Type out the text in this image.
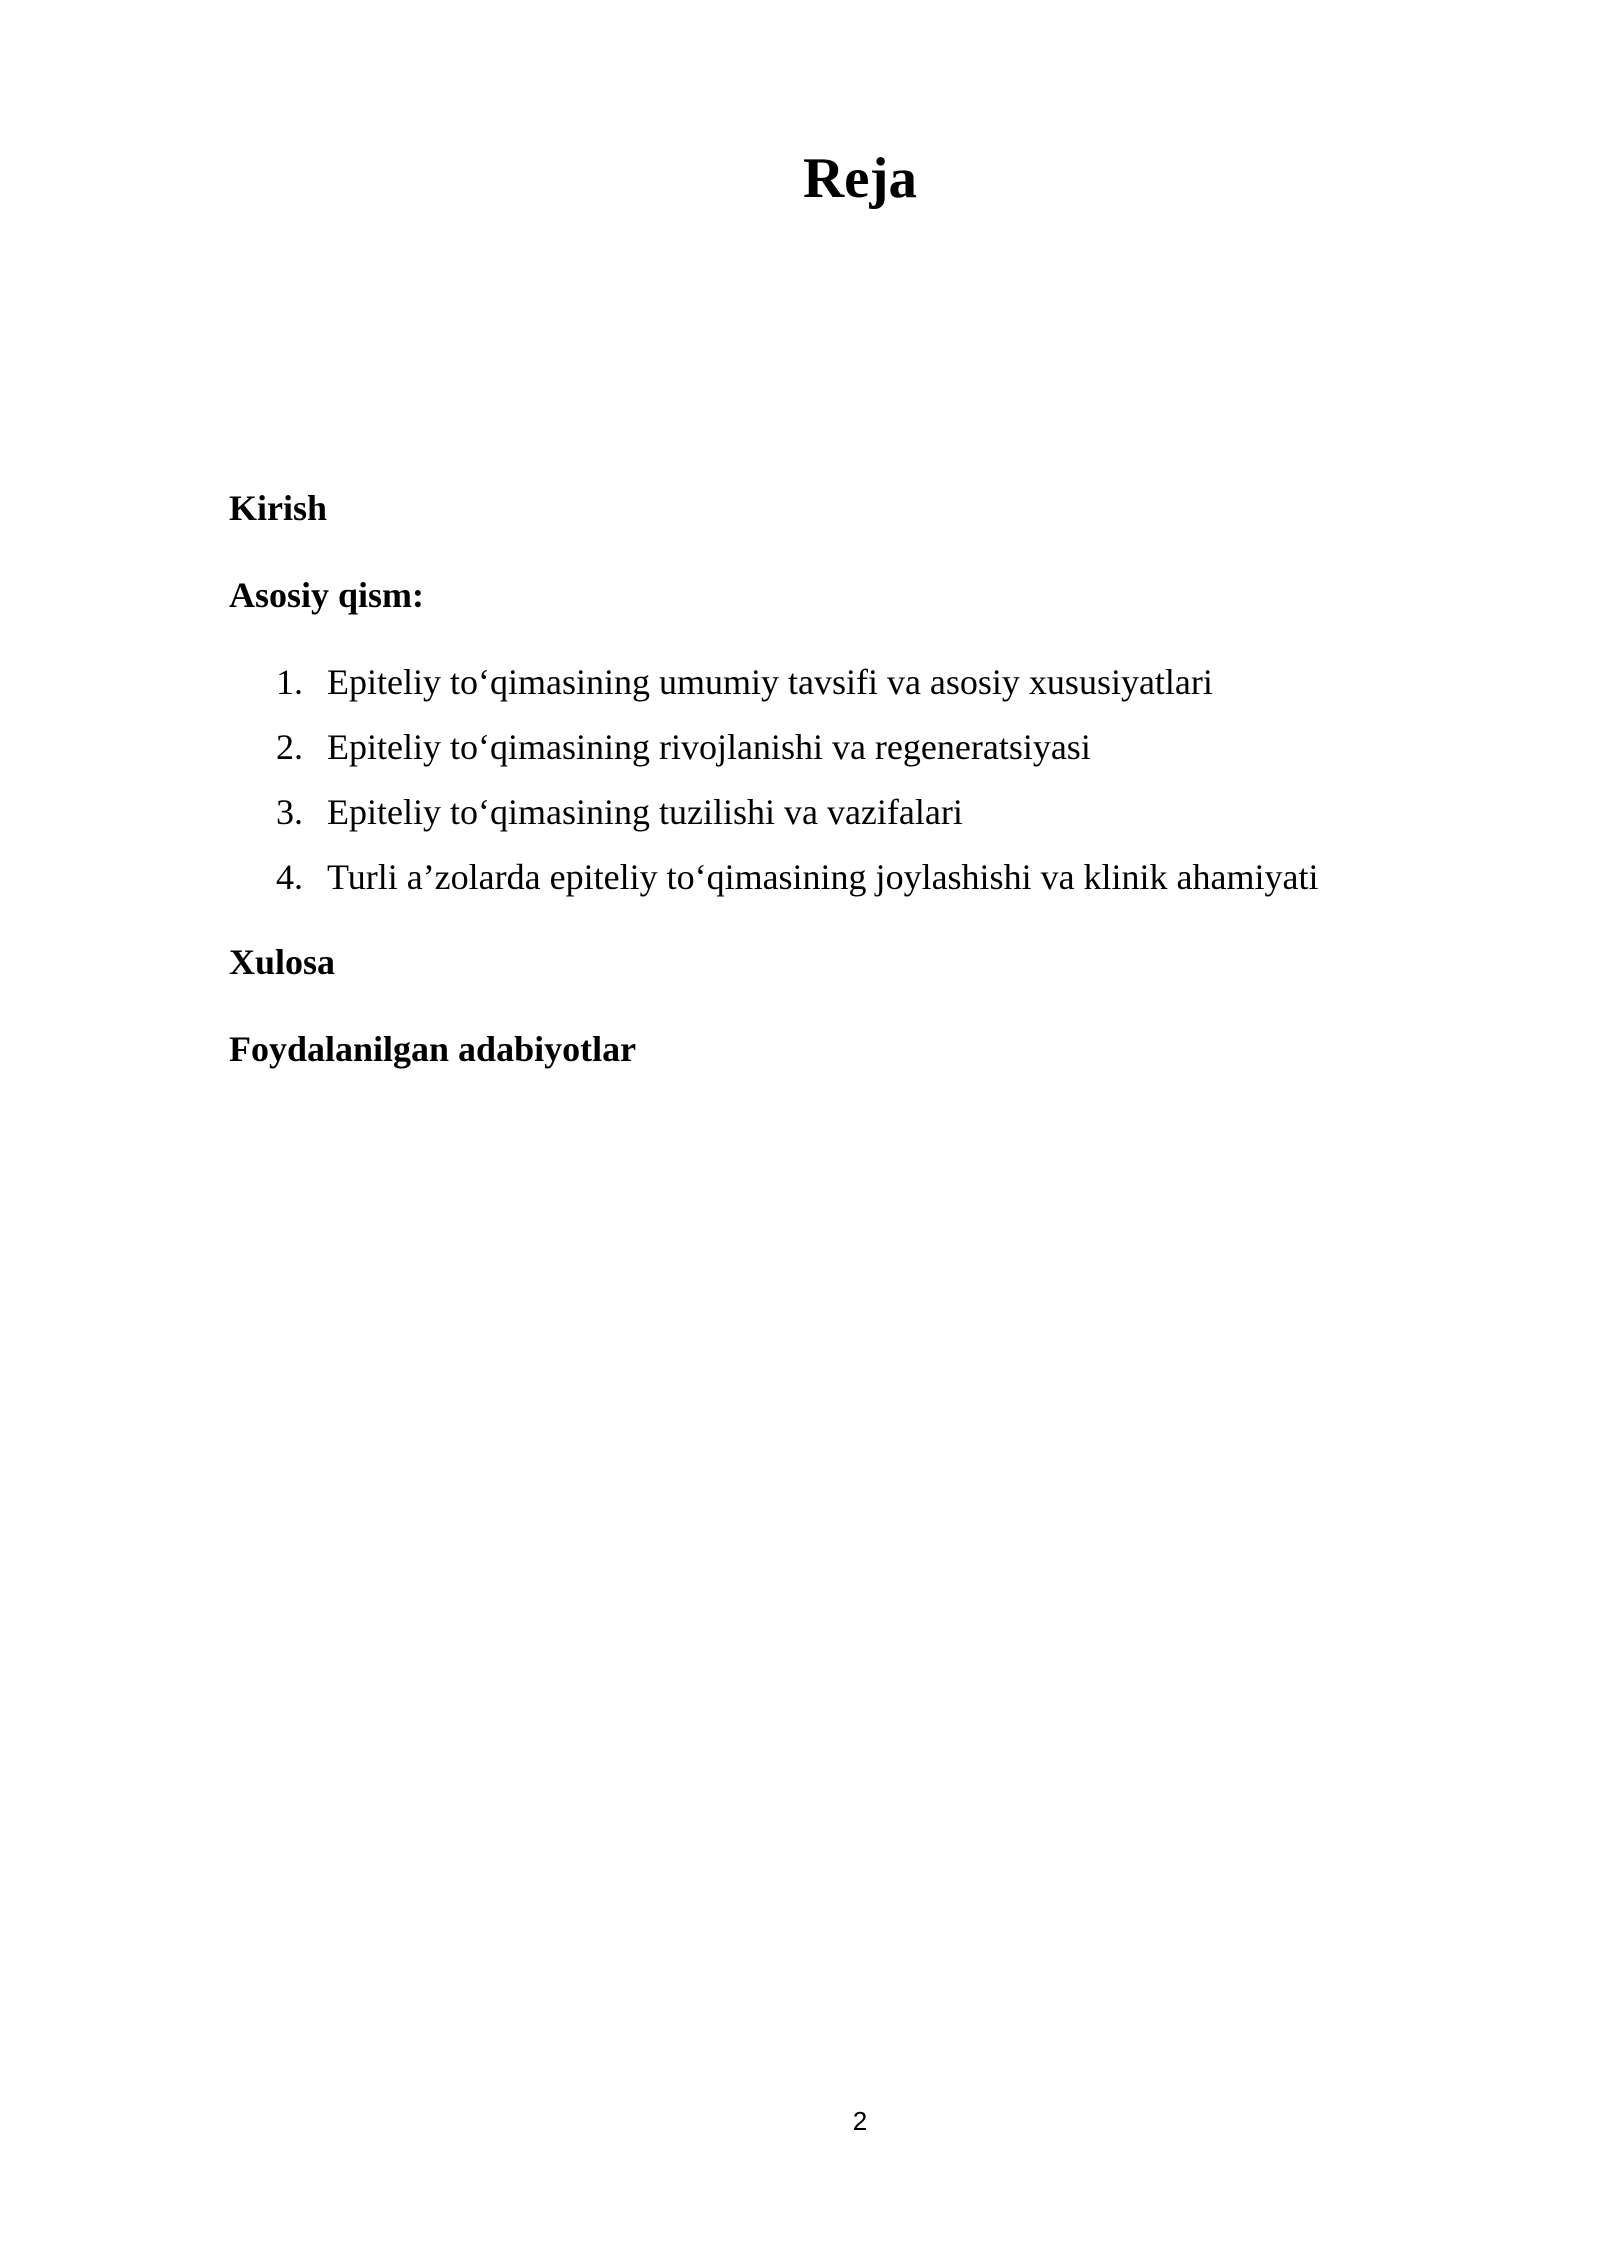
Reja
Kirish
Asosiy qism:
1. Epiteliy to‘qimasining umumiy tavsifi va asosiy xususiyatlari
2. Epiteliy to‘qimasining rivojlanishi va regeneratsiyasi
3. Epiteliy to‘qimasining tuzilishi va vazifalari
4. Turli a’zolarda epiteliy to‘qimasining joylashishi va klinik ahamiyati
Xulosa
Foydalanilgan adabiyotlar
2
